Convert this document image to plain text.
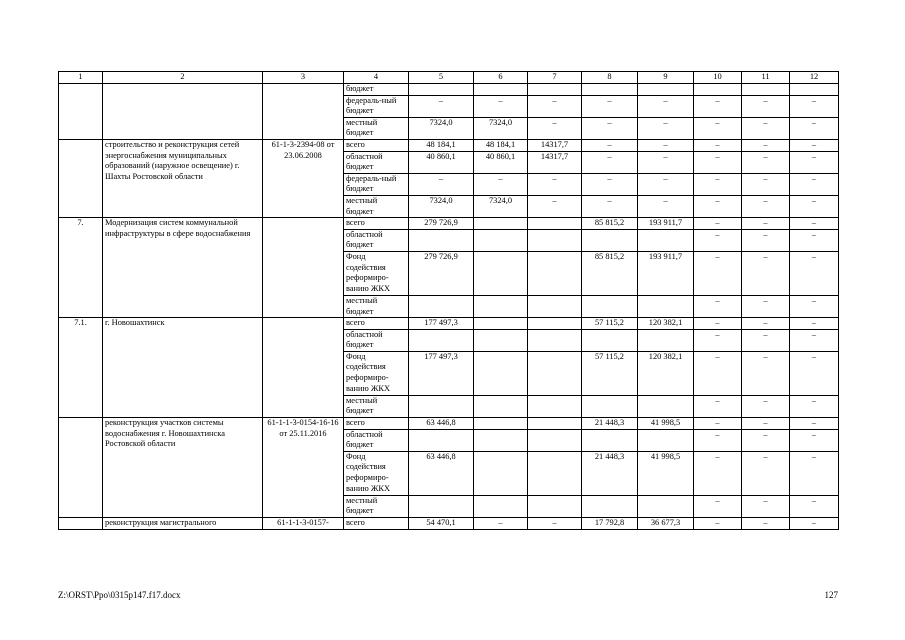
1	2	3	4	5	6	7	8	9	10	11	12
			бюджет								
			федераль-ный бюджет	–	–	–	–	–	–	–	–
			местный бюджет	7324,0	7324,0	–	–	–	–	–	–
	строительство и реконструкция сетей энергоснабжения муниципальных образований (наружное освещение) г. Шахты Ростовской области	61-1-3-2394-08 от 23.06.2008	всего	48 184,1	48 184,1	14317,7	–	–	–	–	–
			областной бюджет	40 860,1	40 860,1	14317,7	–	–	–	–	–
			федераль-ный бюджет	–	–	–	–	–	–	–	–
			местный бюджет	7324,0	7324,0	–	–	–	–	–	–
7.	Модернизация систем коммунальной инфраструктуры в сфере водоснабжения		всего	279 726,9			85 815,2	193 911,7	–	–	–
			областной бюджет						–	–	–
			Фонд содействия реформиро-ванию ЖКХ	279 726,9			85 815,2	193 911,7	–	–	–
			местный бюджет						–	–	–
7.1.	г. Новошахтинск		всего	177 497,3			57 115,2	120 382,1	–	–	–
			областной бюджет						–	–	–
			Фонд содействия реформиро-ванию ЖКХ	177 497,3			57 115,2	120 382,1	–	–	–
			местный бюджет						–	–	–
	реконструкция участков системы водоснабжения г. Новошахтинска Ростовской области	61-1-1-3-0154-16-16 от 25.11.2016	всего	63 446,8			21 448,3	41 998,5	–	–	–
			областной бюджет						–	–	–
			Фонд содействия реформиро-ванию ЖКХ	63 446,8			21 448,3	41 998,5	–	–	–
			местный бюджет						–	–	–
	реконструкция магистрального	61-1-1-3-0157-	всего	54 470,1	–	–	17 792,8	36 677,3	–	–	–
Z:\ORST\Ppo\0315p147.f17.docx	127
